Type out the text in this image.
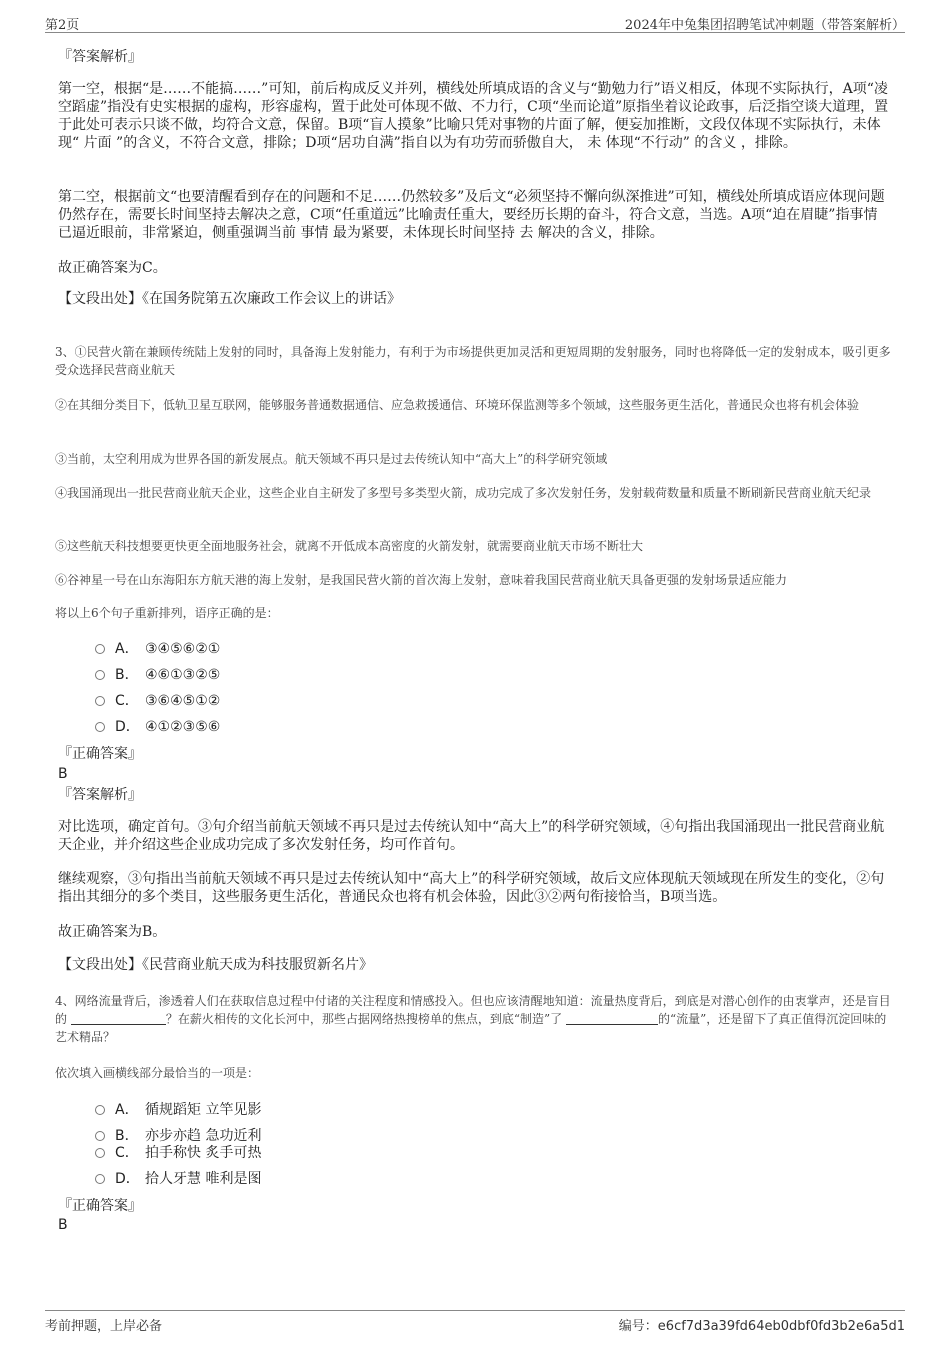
第2页	2024年中兔集团招聘笔试冲刺题（带答案解析）
『答案解析』
第一空，根据“是……不能搞……”可知，前后构成反义并列，横线处所填成语的含义与“勤勉力行”语义相反，体现不实际执行，A项“凌空蹈虚”指没有史实根据的虚构，形容虚构，置于此处可体现不做、不力行，C项“坐而论道”原指坐着议论政事，后泛指空谈大道理，置于此处可表示只谈不做，均符合文意，保留。B项“盲人摸象”比喻只凭对事物的片面了解，便妄加推断，文段仅体现不实际执行，未体现“ 片面 ”的含义，不符合文意，排除；D项“居功自满”指自以为有功劳而骄傲自大， 未 体现“不行动” 的含义 ，排除。
第二空，根据前文“也要清醒看到存在的问题和不足……仍然较多”及后文“必须坚持不懈向纵深推进”可知，横线处所填成语应体现问题仍然存在，需要长时间坚持去解决之意，C项“任重道远”比喻责任重大，要经历长期的奋斗，符合文意，当选。A项“迫在眉睫”指事情已逼近眼前，非常紧迫，侧重强调当前 事情 最为紧要，未体现长时间坚持 去 解决的含义，排除。
故正确答案为C。
【文段出处】《在国务院第五次廉政工作会议上的讲话》
3、①民营火箭在兼顾传统陆上发射的同时，具备海上发射能力，有利于为市场提供更加灵活和更短周期的发射服务，同时也将降低一定的发射成本，吸引更多受众选择民营商业航天
②在其细分类目下，低轨卫星互联网，能够服务普通数据通信、应急救援通信、环境环保监测等多个领域，这些服务更生活化，普通民众也将有机会体验
③当前，太空利用成为世界各国的新发展点。航天领域不再只是过去传统认知中“高大上”的科学研究领域
④我国涌现出一批民营商业航天企业，这些企业自主研发了多型号多类型火箭，成功完成了多次发射任务，发射载荷数量和质量不断刷新民营商业航天纪录
⑤这些航天科技想要更快更全面地服务社会，就离不开低成本高密度的火箭发射，就需要商业航天市场不断壮大
⑥谷神星一号在山东海阳东方航天港的海上发射，是我国民营火箭的首次海上发射，意味着我国民营商业航天具备更强的发射场景适应能力
将以上6个句子重新排列，语序正确的是：
A． ③④⑤⑥②①
B． ④⑥①③②⑤
C． ③⑥④⑤①②
D． ④①②③⑤⑥
『正确答案』
B
『答案解析』
对比选项，确定首句。③句介绍当前航天领域不再只是过去传统认知中“高大上”的科学研究领域，④句指出我国涌现出一批民营商业航天企业，并介绍这些企业成功完成了多次发射任务，均可作首句。
继续观察，③句指出当前航天领域不再只是过去传统认知中“高大上”的科学研究领域，故后文应体现航天领域现在所发生的变化，②句指出其细分的多个类目，这些服务更生活化，普通民众也将有机会体验，因此③②两句衔接恰当，B项当选。
故正确答案为B。
【文段出处】《民营商业航天成为科技服贸新名片》
4、网络流量背后，渗透着人们在获取信息过程中付诸的关注程度和情感投入。但也应该清醒地知道：流量热度背后，到底是对潜心创作的由衷掌声，还是盲目的	？在薪火相传的文化长河中，那些占据网络热搜榜单的焦点，到底“制造”了	的“流量”，还是留下了真正值得沉淀回味的艺术精品？
依次填入画横线部分最恰当的一项是：
A． 循规蹈矩 立竿见影
B． 亦步亦趋 急功近利
C． 拍手称快 炙手可热
D． 拾人牙慧 唯利是图
『正确答案』
B
考前押题，上岸必备	编号：e6cf7d3a39fd64eb0dbf0fd3b2e6a5d1
